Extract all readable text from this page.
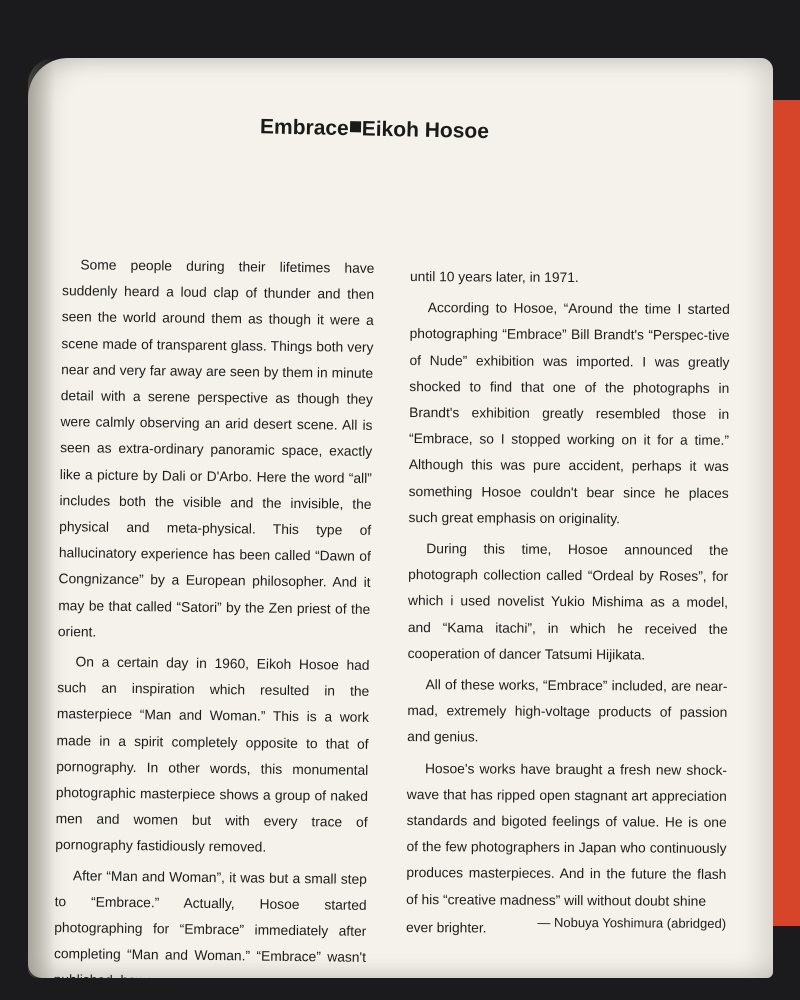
Embrace Eikoh Hosoe

Some people during their lifetimes have suddenly heard a loud clap of thunder and then seen the world around them as though it were a scene made of transparent glass. Things both very near and very far away are seen by them in minute detail with a serene perspective as though they were calmly observing an arid desert scene. All is seen as extra-ordinary panoramic space, exactly like a picture by Dali or D'Arbo. Here the word “all” includes both the visible and the invisible, the physical and meta-physical. This type of hallucinatory experience has been called “Dawn of Congnizance” by a European philosopher. And it may be that called “Satori” by the Zen priest of the orient.

On a certain day in 1960, Eikoh Hosoe had such an inspiration which resulted in the masterpiece “Man and Woman.” This is a work made in a spirit completely opposite to that of pornography. In other words, this monumental photographic masterpiece shows a group of naked men and women but with every trace of pornography fastidiously removed.

After “Man and Woman”, it was but a small step to “Embrace.” Actually, Hosoe started photographing for “Embrace” immediately after completing “Man and Woman.” “Embrace” wasn't published, however,

until 10 years later, in 1971.

According to Hosoe, “Around the time I started photographing “Embrace” Bill Brandt's “Perspec-tive of Nude” exhibition was imported. I was greatly shocked to find that one of the photographs in Brandt's exhibition greatly resembled those in “Embrace, so I stopped working on it for a time.” Although this was pure accident, perhaps it was something Hosoe couldn't bear since he places such great emphasis on originality.

During this time, Hosoe announced the photograph collection called “Ordeal by Roses”, for which i used novelist Yukio Mishima as a model, and “Kama itachi”, in which he received the cooperation of dancer Tatsumi Hijikata.

All of these works, “Embrace” included, are near-mad, extremely high-voltage products of passion and genius.

Hosoe's works have braught a fresh new shock-wave that has ripped open stagnant art appreciation standards and bigoted feelings of value. He is one of the few photographers in Japan who continuously produces masterpieces. And in the future the flash of his “creative madness” will without doubt shine

ever brighter.	— Nobuya Yoshimura (abridged)
